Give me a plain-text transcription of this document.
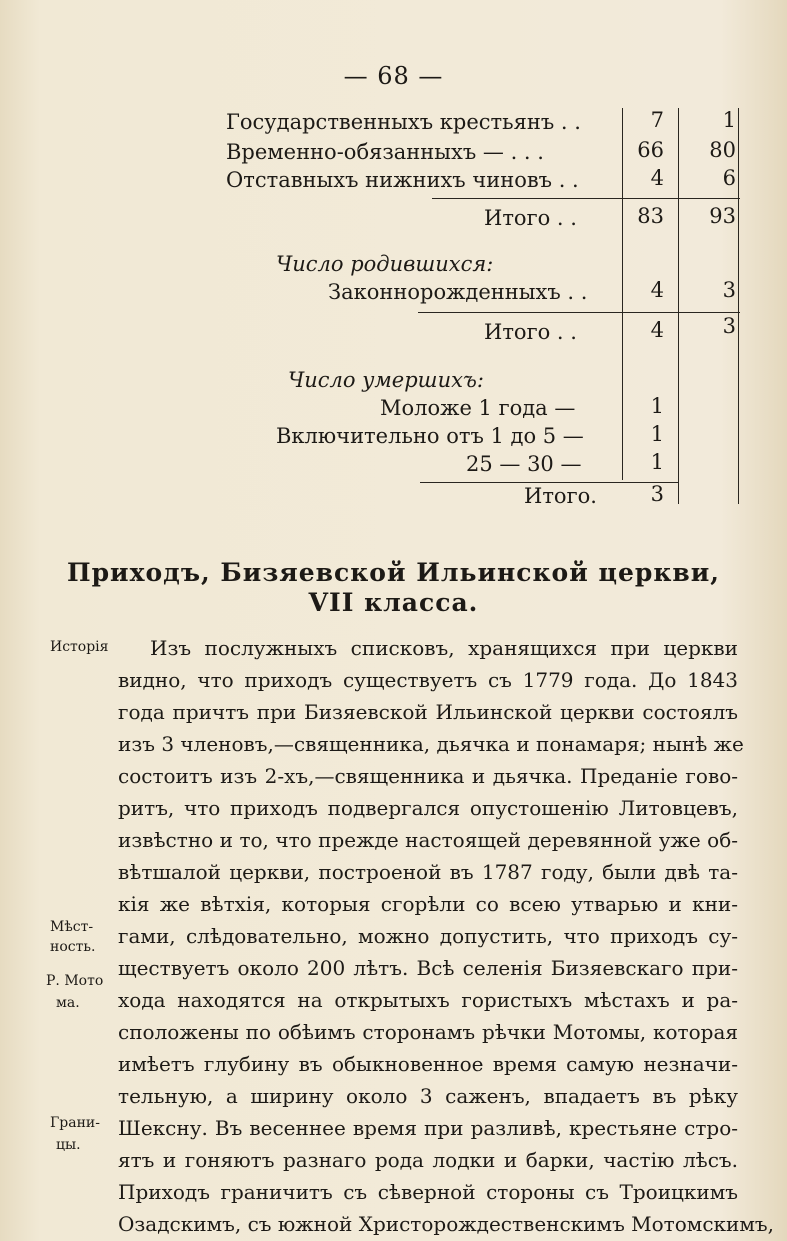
— 68 —
Государственныхъ крестьянъ . .	7	1
Временно-обязанныхъ — . . .	66	80
Отставныхъ нижнихъ чиновъ . .	4	6
Итого . .	83	93
Число родившихся:
Законнорожденныхъ . .	4	3
Итого . .	4	3
Число умершихъ:
Моложе 1 года —	1
Включительно отъ 1 до 5 —	1
25 — 30 —	1
Итого.	3
Приходъ, Бизяевской Ильинской церкви,
VII класса.
Исторія
Мѣст-
ность.
Р. Мото
ма.
Грани-
цы.
Изъ послужныхъ списковъ, хранящихся при церкви
видно, что приходъ существуетъ съ 1779 года. До 1843
года причтъ при Бизяевской Ильинской церкви состоялъ
изъ 3 членовъ,—священника, дьячка и понамаря; нынѣ же
состоитъ изъ 2-хъ,—священника и дьячка. Преданіе гово-
ритъ, что приходъ подвергался опустошенію Литовцевъ,
извѣстно и то, что прежде настоящей деревянной уже об-
вѣтшалой церкви, построеной въ 1787 году, были двѣ та-
кія же вѣтхія, которыя сгорѣли со всею утварью и кни-
гами, слѣдовательно, можно допустить, что приходъ су-
ществуетъ около 200 лѣтъ. Всѣ селенія Бизяевскаго при-
хода находятся на открытыхъ гористыхъ мѣстахъ и ра-
сположены по обѣимъ сторонамъ рѣчки Мотомы, которая
имѣетъ глубину въ обыкновенное время самую незначи-
тельную, а ширину около 3 саженъ, впадаетъ въ рѣку
Шексну. Въ весеннее время при разливѣ, крестьяне стро-
ятъ и гоняютъ разнаго рода лодки и барки, частію лѣсъ.
Приходъ граничитъ съ сѣверной стороны съ Троицкимъ
Озадскимъ, съ южной Христорождественскимъ Мотомскимъ,
